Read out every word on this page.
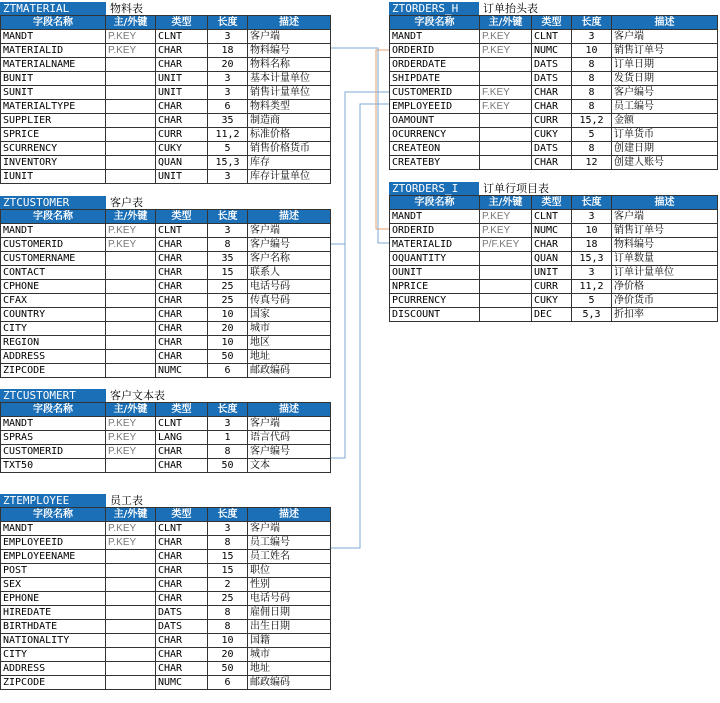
ZTMATERIAL	物料表
字段名称	主/外键	类型	长度	描述
MANDT	P.KEY	CLNT	3	客户端
MATERIALID	P.KEY	CHAR	18	物料编号
MATERIALNAME		CHAR	20	物料名称
BUNIT		UNIT	3	基本计量单位
SUNIT		UNIT	3	销售计量单位
MATERIALTYPE		CHAR	6	物料类型
SUPPLIER		CHAR	35	制造商
SPRICE		CURR	11,2	标准价格
SCURRENCY		CUKY	5	销售价格货币
INVENTORY		QUAN	15,3	库存
IUNIT		UNIT	3	库存计量单位
ZTCUSTOMER	客户表
字段名称	主/外键	类型	长度	描述
MANDT	P.KEY	CLNT	3	客户端
CUSTOMERID	P.KEY	CHAR	8	客户编号
CUSTOMERNAME		CHAR	35	客户名称
CONTACT		CHAR	15	联系人
CPHONE		CHAR	25	电话号码
CFAX		CHAR	25	传真号码
COUNTRY		CHAR	10	国家
CITY		CHAR	20	城市
REGION		CHAR	10	地区
ADDRESS		CHAR	50	地址
ZIPCODE		NUMC	6	邮政编码
ZTCUSTOMERT	客户文本表
字段名称	主/外键	类型	长度	描述
MANDT	P.KEY	CLNT	3	客户端
SPRAS	P.KEY	LANG	1	语言代码
CUSTOMERID	P.KEY	CHAR	8	客户编号
TXT50		CHAR	50	文本
ZTEMPLOYEE	员工表
字段名称	主/外键	类型	长度	描述
MANDT	P.KEY	CLNT	3	客户端
EMPLOYEEID	P.KEY	CHAR	8	员工编号
EMPLOYEENAME		CHAR	15	员工姓名
POST		CHAR	15	职位
SEX		CHAR	2	性别
EPHONE		CHAR	25	电话号码
HIREDATE		DATS	8	雇佣日期
BIRTHDATE		DATS	8	出生日期
NATIONALITY		CHAR	10	国籍
CITY		CHAR	20	城市
ADDRESS		CHAR	50	地址
ZIPCODE		NUMC	6	邮政编码
ZTORDERS_H	订单抬头表
字段名称	主/外键	类型	长度	描述
MANDT	P.KEY	CLNT	3	客户端
ORDERID	P.KEY	NUMC	10	销售订单号
ORDERDATE		DATS	8	订单日期
SHIPDATE		DATS	8	发货日期
CUSTOMERID	F.KEY	CHAR	8	客户编号
EMPLOYEEID	F.KEY	CHAR	8	员工编号
OAMOUNT		CURR	15,2	金额
OCURRENCY		CUKY	5	订单货币
CREATEON		DATS	8	创建日期
CREATEBY		CHAR	12	创建人账号
ZTORDERS_I	订单行项目表
字段名称	主/外键	类型	长度	描述
MANDT	P.KEY	CLNT	3	客户端
ORDERID	P.KEY	NUMC	10	销售订单号
MATERIALID	P/F.KEY	CHAR	18	物料编号
OQUANTITY		QUAN	15,3	订单数量
OUNIT		UNIT	3	订单计量单位
NPRICE		CURR	11,2	净价格
PCURRENCY		CUKY	5	净价货币
DISCOUNT		DEC	5,3	折扣率
